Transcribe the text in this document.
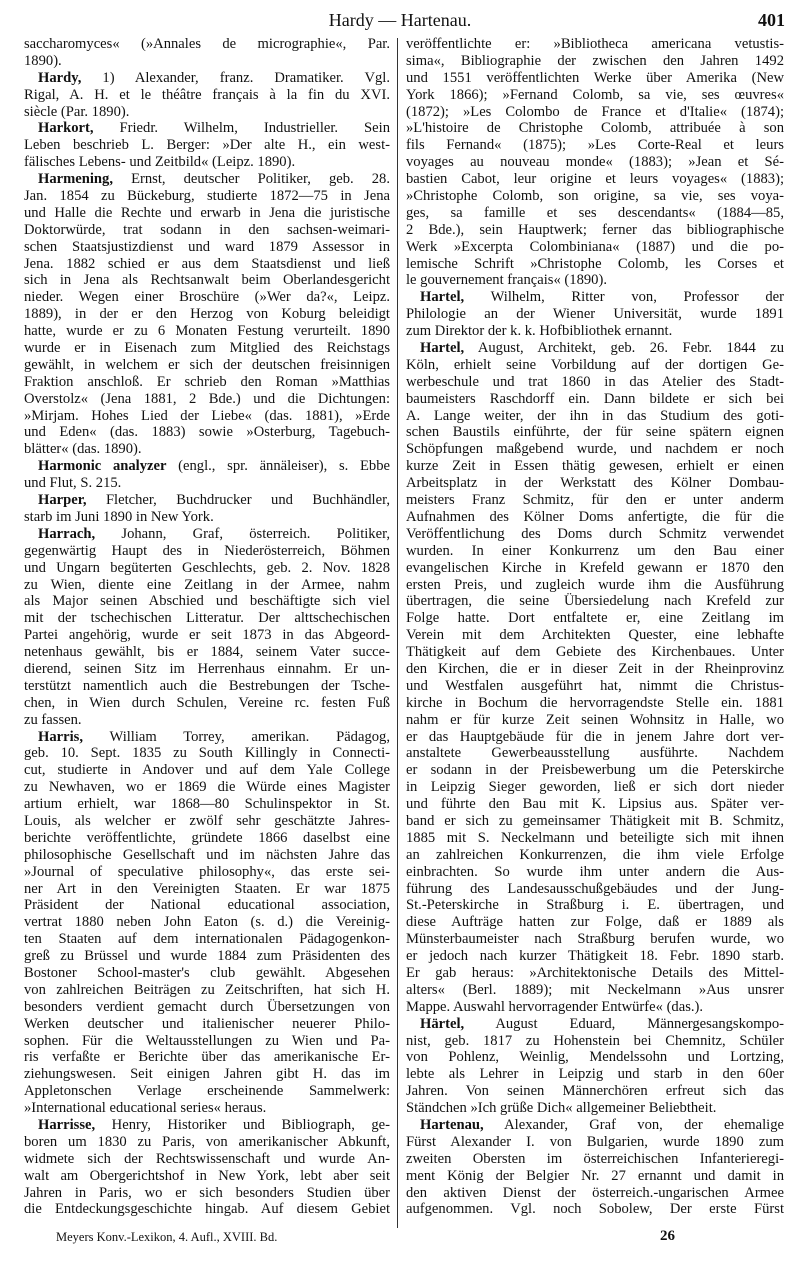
Hardy — Hartenau.	401
saccharomyces« (»Annales de micrographie«, Par.
1890).
Hardy, 1) Alexander, franz. Dramatiker. Vgl.
Rigal, A. H. et le théâtre français à la fin du XVI.
siècle (Par. 1890).
Harkort, Friedr. Wilhelm, Industrieller. Sein
Leben beschrieb L. Berger: »Der alte H., ein west-
fälisches Lebens- und Zeitbild« (Leipz. 1890).
Harmening, Ernst, deutscher Politiker, geb. 28.
Jan. 1854 zu Bückeburg, studierte 1872—75 in Jena
und Halle die Rechte und erwarb in Jena die juristische
Doktorwürde, trat sodann in den sachsen-weimari-
schen Staatsjustizdienst und ward 1879 Assessor in
Jena. 1882 schied er aus dem Staatsdienst und ließ
sich in Jena als Rechtsanwalt beim Oberlandesgericht
nieder. Wegen einer Broschüre (»Wer da?«, Leipz.
1889), in der er den Herzog von Koburg beleidigt
hatte, wurde er zu 6 Monaten Festung verurteilt. 1890
wurde er in Eisenach zum Mitglied des Reichstags
gewählt, in welchem er sich der deutschen freisinnigen
Fraktion anschloß. Er schrieb den Roman »Matthias
Overstolz« (Jena 1881, 2 Bde.) und die Dichtungen:
»Mirjam. Hohes Lied der Liebe« (das. 1881), »Erde
und Eden« (das. 1883) sowie »Osterburg, Tagebuch-
blätter« (das. 1890).
Harmonic analyzer (engl., spr. ännäleiser), s. Ebbe
und Flut, S. 215.
Harper, Fletcher, Buchdrucker und Buchhändler,
starb im Juni 1890 in New York.
Harrach, Johann, Graf, österreich. Politiker,
gegenwärtig Haupt des in Niederösterreich, Böhmen
und Ungarn begüterten Geschlechts, geb. 2. Nov. 1828
zu Wien, diente eine Zeitlang in der Armee, nahm
als Major seinen Abschied und beschäftigte sich viel
mit der tschechischen Litteratur. Der alttschechischen
Partei angehörig, wurde er seit 1873 in das Abgeord-
netenhaus gewählt, bis er 1884, seinem Vater succe-
dierend, seinen Sitz im Herrenhaus einnahm. Er un-
terstützt namentlich auch die Bestrebungen der Tsche-
chen, in Wien durch Schulen, Vereine rc. festen Fuß
zu fassen.
Harris, William Torrey, amerikan. Pädagog,
geb. 10. Sept. 1835 zu South Killingly in Connecti-
cut, studierte in Andover und auf dem Yale College
zu Newhaven, wo er 1869 die Würde eines Magister
artium erhielt, war 1868—80 Schulinspektor in St.
Louis, als welcher er zwölf sehr geschätzte Jahres-
berichte veröffentlichte, gründete 1866 daselbst eine
philosophische Gesellschaft und im nächsten Jahre das
»Journal of speculative philosophy«, das erste sei-
ner Art in den Vereinigten Staaten. Er war 1875
Präsident der National educational association,
vertrat 1880 neben John Eaton (s. d.) die Vereinig-
ten Staaten auf dem internationalen Pädagogenkon-
greß zu Brüssel und wurde 1884 zum Präsidenten des
Bostoner School-master's club gewählt. Abgesehen
von zahlreichen Beiträgen zu Zeitschriften, hat sich H.
besonders verdient gemacht durch Übersetzungen von
Werken deutscher und italienischer neuerer Philo-
sophen. Für die Weltausstellungen zu Wien und Pa-
ris verfaßte er Berichte über das amerikanische Er-
ziehungswesen. Seit einigen Jahren gibt H. das im
Appletonschen Verlage erscheinende Sammelwerk:
»International educational series« heraus.
Harrisse, Henry, Historiker und Bibliograph, ge-
boren um 1830 zu Paris, von amerikanischer Abkunft,
widmete sich der Rechtswissenschaft und wurde An-
walt am Obergerichtshof in New York, lebt aber seit
Jahren in Paris, wo er sich besonders Studien über
die Entdeckungsgeschichte hingab. Auf diesem Gebiet
veröffentlichte er: »Bibliotheca americana vetustis-
sima«, Bibliographie der zwischen den Jahren 1492
und 1551 veröffentlichten Werke über Amerika (New
York 1866); »Fernand Colomb, sa vie, ses œuvres«
(1872); »Les Colombo de France et d'Italie« (1874);
»L'histoire de Christophe Colomb, attribuée à son
fils Fernand« (1875); »Les Corte-Real et leurs
voyages au nouveau monde« (1883); »Jean et Sé-
bastien Cabot, leur origine et leurs voyages« (1883);
»Christophe Colomb, son origine, sa vie, ses voya-
ges, sa famille et ses descendants« (1884—85,
2 Bde.), sein Hauptwerk; ferner das bibliographische
Werk »Excerpta Colombiniana« (1887) und die po-
lemische Schrift »Christophe Colomb, les Corses et
le gouvernement français« (1890).
Hartel, Wilhelm, Ritter von, Professor der
Philologie an der Wiener Universität, wurde 1891
zum Direktor der k. k. Hofbibliothek ernannt.
Hartel, August, Architekt, geb. 26. Febr. 1844 zu
Köln, erhielt seine Vorbildung auf der dortigen Ge-
werbeschule und trat 1860 in das Atelier des Stadt-
baumeisters Raschdorff ein. Dann bildete er sich bei
A. Lange weiter, der ihn in das Studium des goti-
schen Baustils einführte, der für seine spätern eignen
Schöpfungen maßgebend wurde, und nachdem er noch
kurze Zeit in Essen thätig gewesen, erhielt er einen
Arbeitsplatz in der Werkstatt des Kölner Dombau-
meisters Franz Schmitz, für den er unter anderm
Aufnahmen des Kölner Doms anfertigte, die für die
Veröffentlichung des Doms durch Schmitz verwendet
wurden. In einer Konkurrenz um den Bau einer
evangelischen Kirche in Krefeld gewann er 1870 den
ersten Preis, und zugleich wurde ihm die Ausführung
übertragen, die seine Übersiedelung nach Krefeld zur
Folge hatte. Dort entfaltete er, eine Zeitlang im
Verein mit dem Architekten Quester, eine lebhafte
Thätigkeit auf dem Gebiete des Kirchenbaues. Unter
den Kirchen, die er in dieser Zeit in der Rheinprovinz
und Westfalen ausgeführt hat, nimmt die Christus-
kirche in Bochum die hervorragendste Stelle ein. 1881
nahm er für kurze Zeit seinen Wohnsitz in Halle, wo
er das Hauptgebäude für die in jenem Jahre dort ver-
anstaltete Gewerbeausstellung ausführte. Nachdem
er sodann in der Preisbewerbung um die Peterskirche
in Leipzig Sieger geworden, ließ er sich dort nieder
und führte den Bau mit K. Lipsius aus. Später ver-
band er sich zu gemeinsamer Thätigkeit mit B. Schmitz,
1885 mit S. Neckelmann und beteiligte sich mit ihnen
an zahlreichen Konkurrenzen, die ihm viele Erfolge
einbrachten. So wurde ihm unter andern die Aus-
führung des Landesausschußgebäudes und der Jung-
St.-Peterskirche in Straßburg i. E. übertragen, und
diese Aufträge hatten zur Folge, daß er 1889 als
Münsterbaumeister nach Straßburg berufen wurde, wo
er jedoch nach kurzer Thätigkeit 18. Febr. 1890 starb.
Er gab heraus: »Architektonische Details des Mittel-
alters« (Berl. 1889); mit Neckelmann »Aus unsrer
Mappe. Auswahl hervorragender Entwürfe« (das.).
Härtel, August Eduard, Männergesangskompo-
nist, geb. 1817 zu Hohenstein bei Chemnitz, Schüler
von Pohlenz, Weinlig, Mendelssohn und Lortzing,
lebte als Lehrer in Leipzig und starb in den 60er
Jahren. Von seinen Männerchören erfreut sich das
Ständchen »Ich grüße Dich« allgemeiner Beliebtheit.
Hartenau, Alexander, Graf von, der ehemalige
Fürst Alexander I. von Bulgarien, wurde 1890 zum
zweiten Obersten im österreichischen Infanterieregi-
ment König der Belgier Nr. 27 ernannt und damit in
den aktiven Dienst der österreich.-ungarischen Armee
aufgenommen. Vgl. noch Sobolew, Der erste Fürst
Meyers Konv.-Lexikon, 4. Aufl., XVIII. Bd.	26
